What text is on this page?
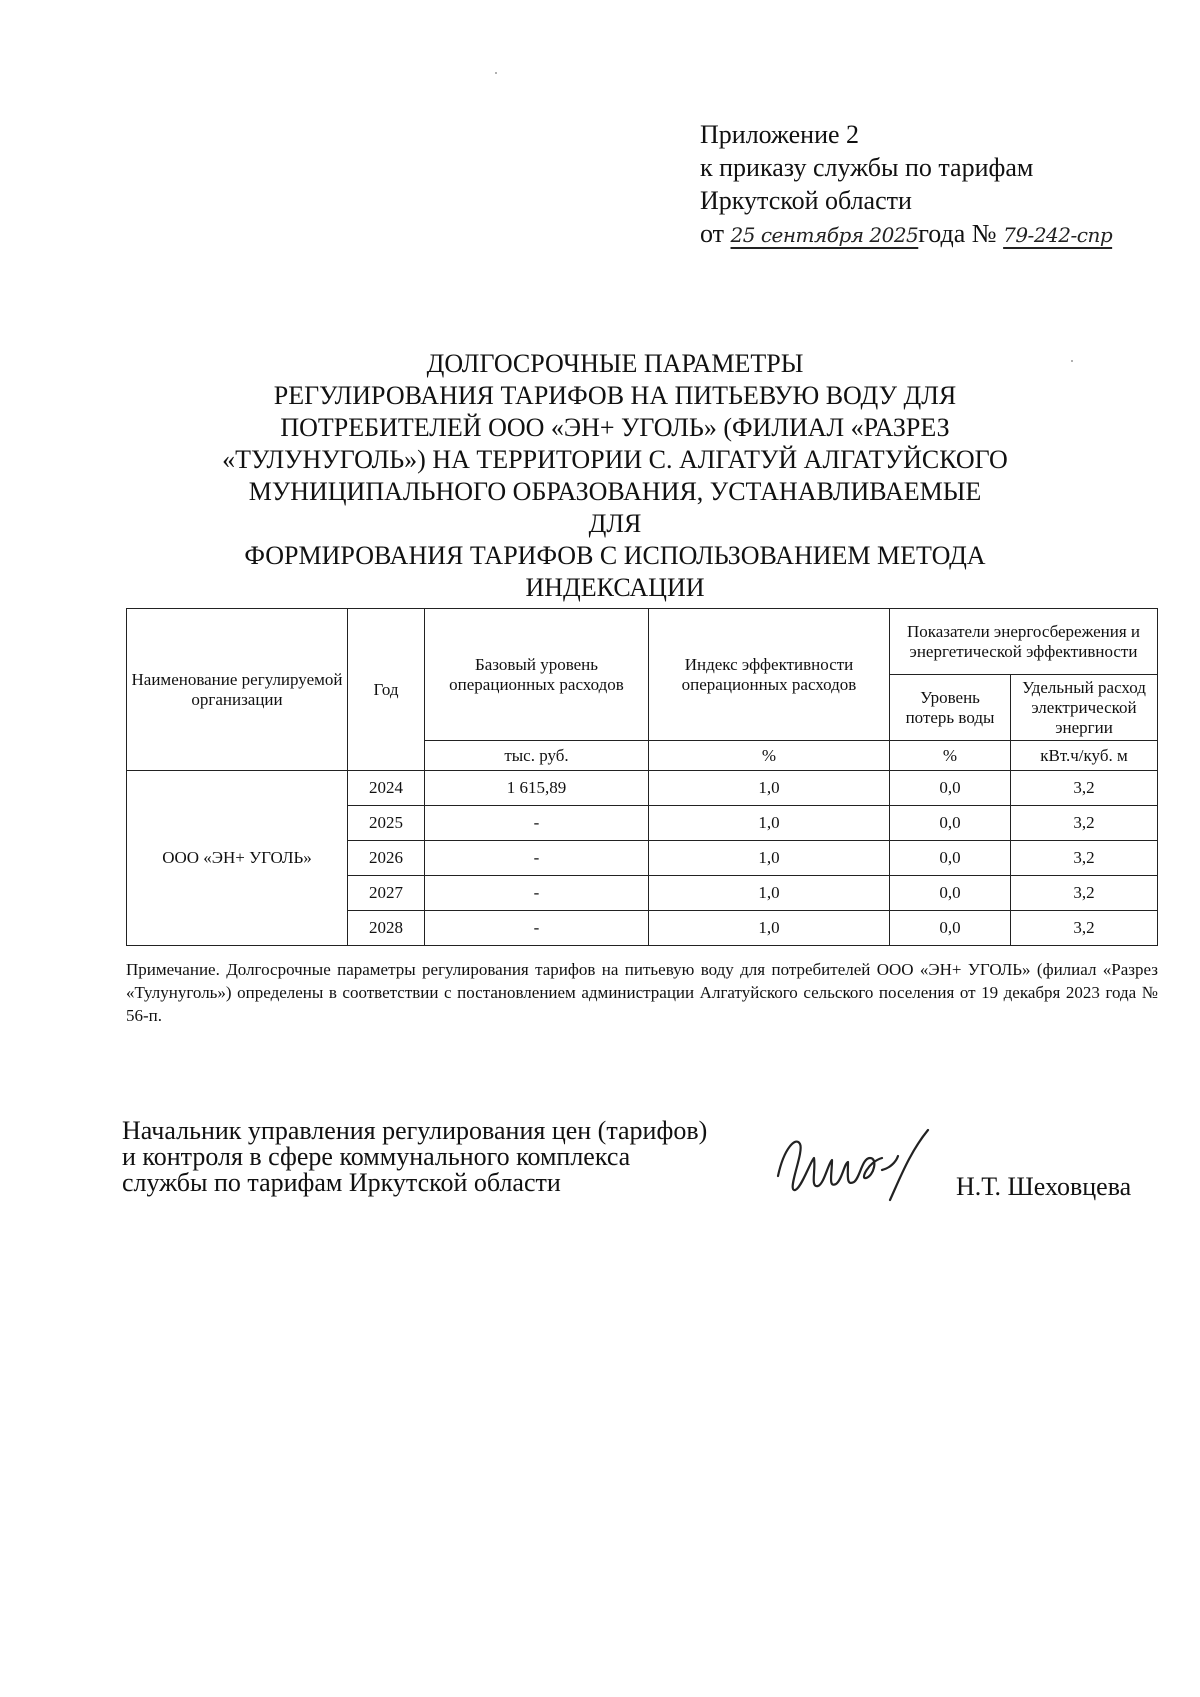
Приложение 2
к приказу службы по тарифам
Иркутской области
от 25 сентября 2025года № 79-242-спр
ДОЛГОСРОЧНЫЕ ПАРАМЕТРЫ
РЕГУЛИРОВАНИЯ ТАРИФОВ НА ПИТЬЕВУЮ ВОДУ ДЛЯ
ПОТРЕБИТЕЛЕЙ ООО «ЭН+ УГОЛЬ» (ФИЛИАЛ «РАЗРЕЗ
«ТУЛУНУГОЛЬ») НА ТЕРРИТОРИИ С. АЛГАТУЙ АЛГАТУЙСКОГО
МУНИЦИПАЛЬНОГО ОБРАЗОВАНИЯ, УСТАНАВЛИВАЕМЫЕ ДЛЯ
ФОРМИРОВАНИЯ ТАРИФОВ С ИСПОЛЬЗОВАНИЕМ МЕТОДА
ИНДЕКСАЦИИ
Наименование регулируемой организации	Год	Базовый уровень операционных расходов	Индекс эффективности операционных расходов	Показатели энергосбережения и энергетической эффективности	
				Уровень потерь воды	Удельный расход электрической энергии
		тыс. руб.	%	%	кВт.ч/куб. м
ООО «ЭН+ УГОЛЬ»	2024	1 615,89	1,0	0,0	3,2
	2025	-	1,0	0,0	3,2
	2026	-	1,0	0,0	3,2
	2027	-	1,0	0,0	3,2
	2028	-	1,0	0,0	3,2
Примечание. Долгосрочные параметры регулирования тарифов на питьевую воду для потребителей ООО «ЭН+ УГОЛЬ» (филиал «Разрез «Тулунуголь») определены в соответствии с постановлением администрации Алгатуйского сельского поселения от 19 декабря 2023 года № 56-п.
Начальник управления регулирования цен (тарифов)
и контроля в сфере коммунального комплекса
службы по тарифам Иркутской области	Н.Т. Шеховцева
